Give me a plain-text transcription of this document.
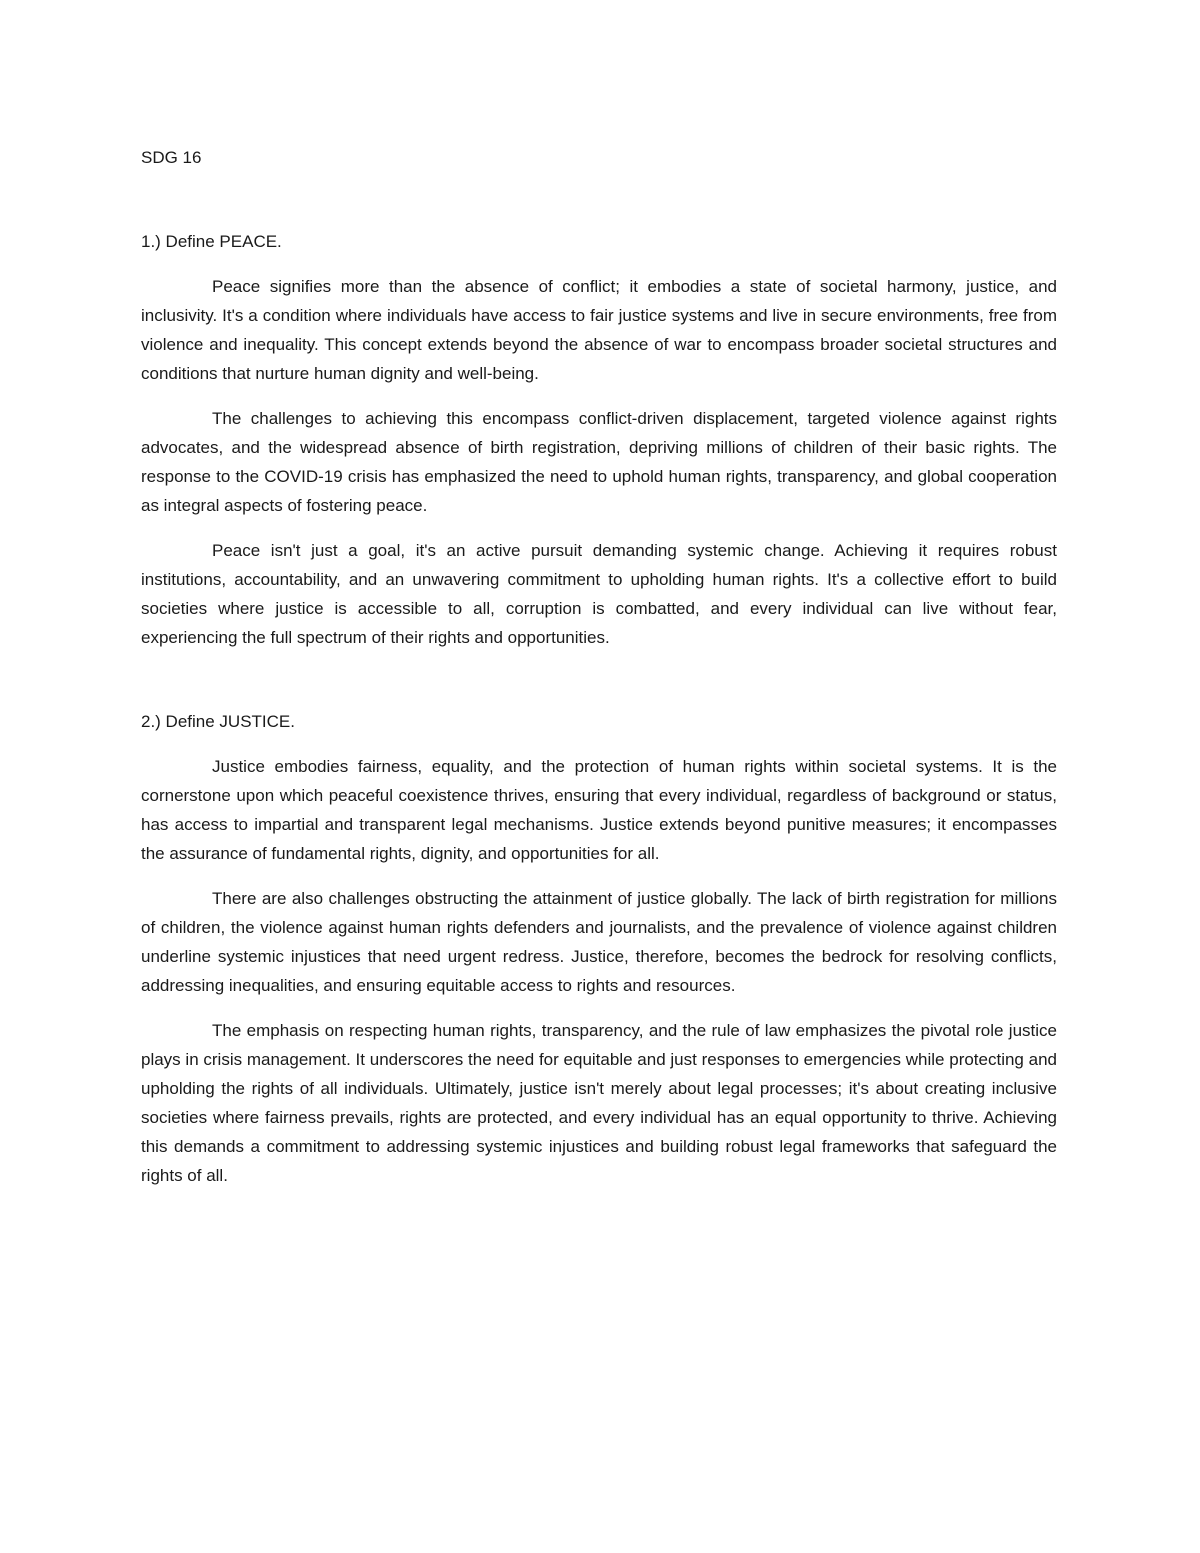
SDG 16
1.) Define PEACE.

Peace signifies more than the absence of conflict; it embodies a state of societal harmony, justice, and inclusivity. It's a condition where individuals have access to fair justice systems and live in secure environments, free from violence and inequality. This concept extends beyond the absence of war to encompass broader societal structures and conditions that nurture human dignity and well-being.

The challenges to achieving this encompass conflict-driven displacement, targeted violence against rights advocates, and the widespread absence of birth registration, depriving millions of children of their basic rights. The response to the COVID-19 crisis has emphasized the need to uphold human rights, transparency, and global cooperation as integral aspects of fostering peace.

Peace isn't just a goal, it's an active pursuit demanding systemic change. Achieving it requires robust institutions, accountability, and an unwavering commitment to upholding human rights. It's a collective effort to build societies where justice is accessible to all, corruption is combatted, and every individual can live without fear, experiencing the full spectrum of their rights and opportunities.

2.) Define JUSTICE.

Justice embodies fairness, equality, and the protection of human rights within societal systems. It is the cornerstone upon which peaceful coexistence thrives, ensuring that every individual, regardless of background or status, has access to impartial and transparent legal mechanisms. Justice extends beyond punitive measures; it encompasses the assurance of fundamental rights, dignity, and opportunities for all.

There are also challenges obstructing the attainment of justice globally. The lack of birth registration for millions of children, the violence against human rights defenders and journalists, and the prevalence of violence against children underline systemic injustices that need urgent redress. Justice, therefore, becomes the bedrock for resolving conflicts, addressing inequalities, and ensuring equitable access to rights and resources.

The emphasis on respecting human rights, transparency, and the rule of law emphasizes the pivotal role justice plays in crisis management. It underscores the need for equitable and just responses to emergencies while protecting and upholding the rights of all individuals. Ultimately, justice isn't merely about legal processes; it's about creating inclusive societies where fairness prevails, rights are protected, and every individual has an equal opportunity to thrive. Achieving this demands a commitment to addressing systemic injustices and building robust legal frameworks that safeguard the rights of all.
